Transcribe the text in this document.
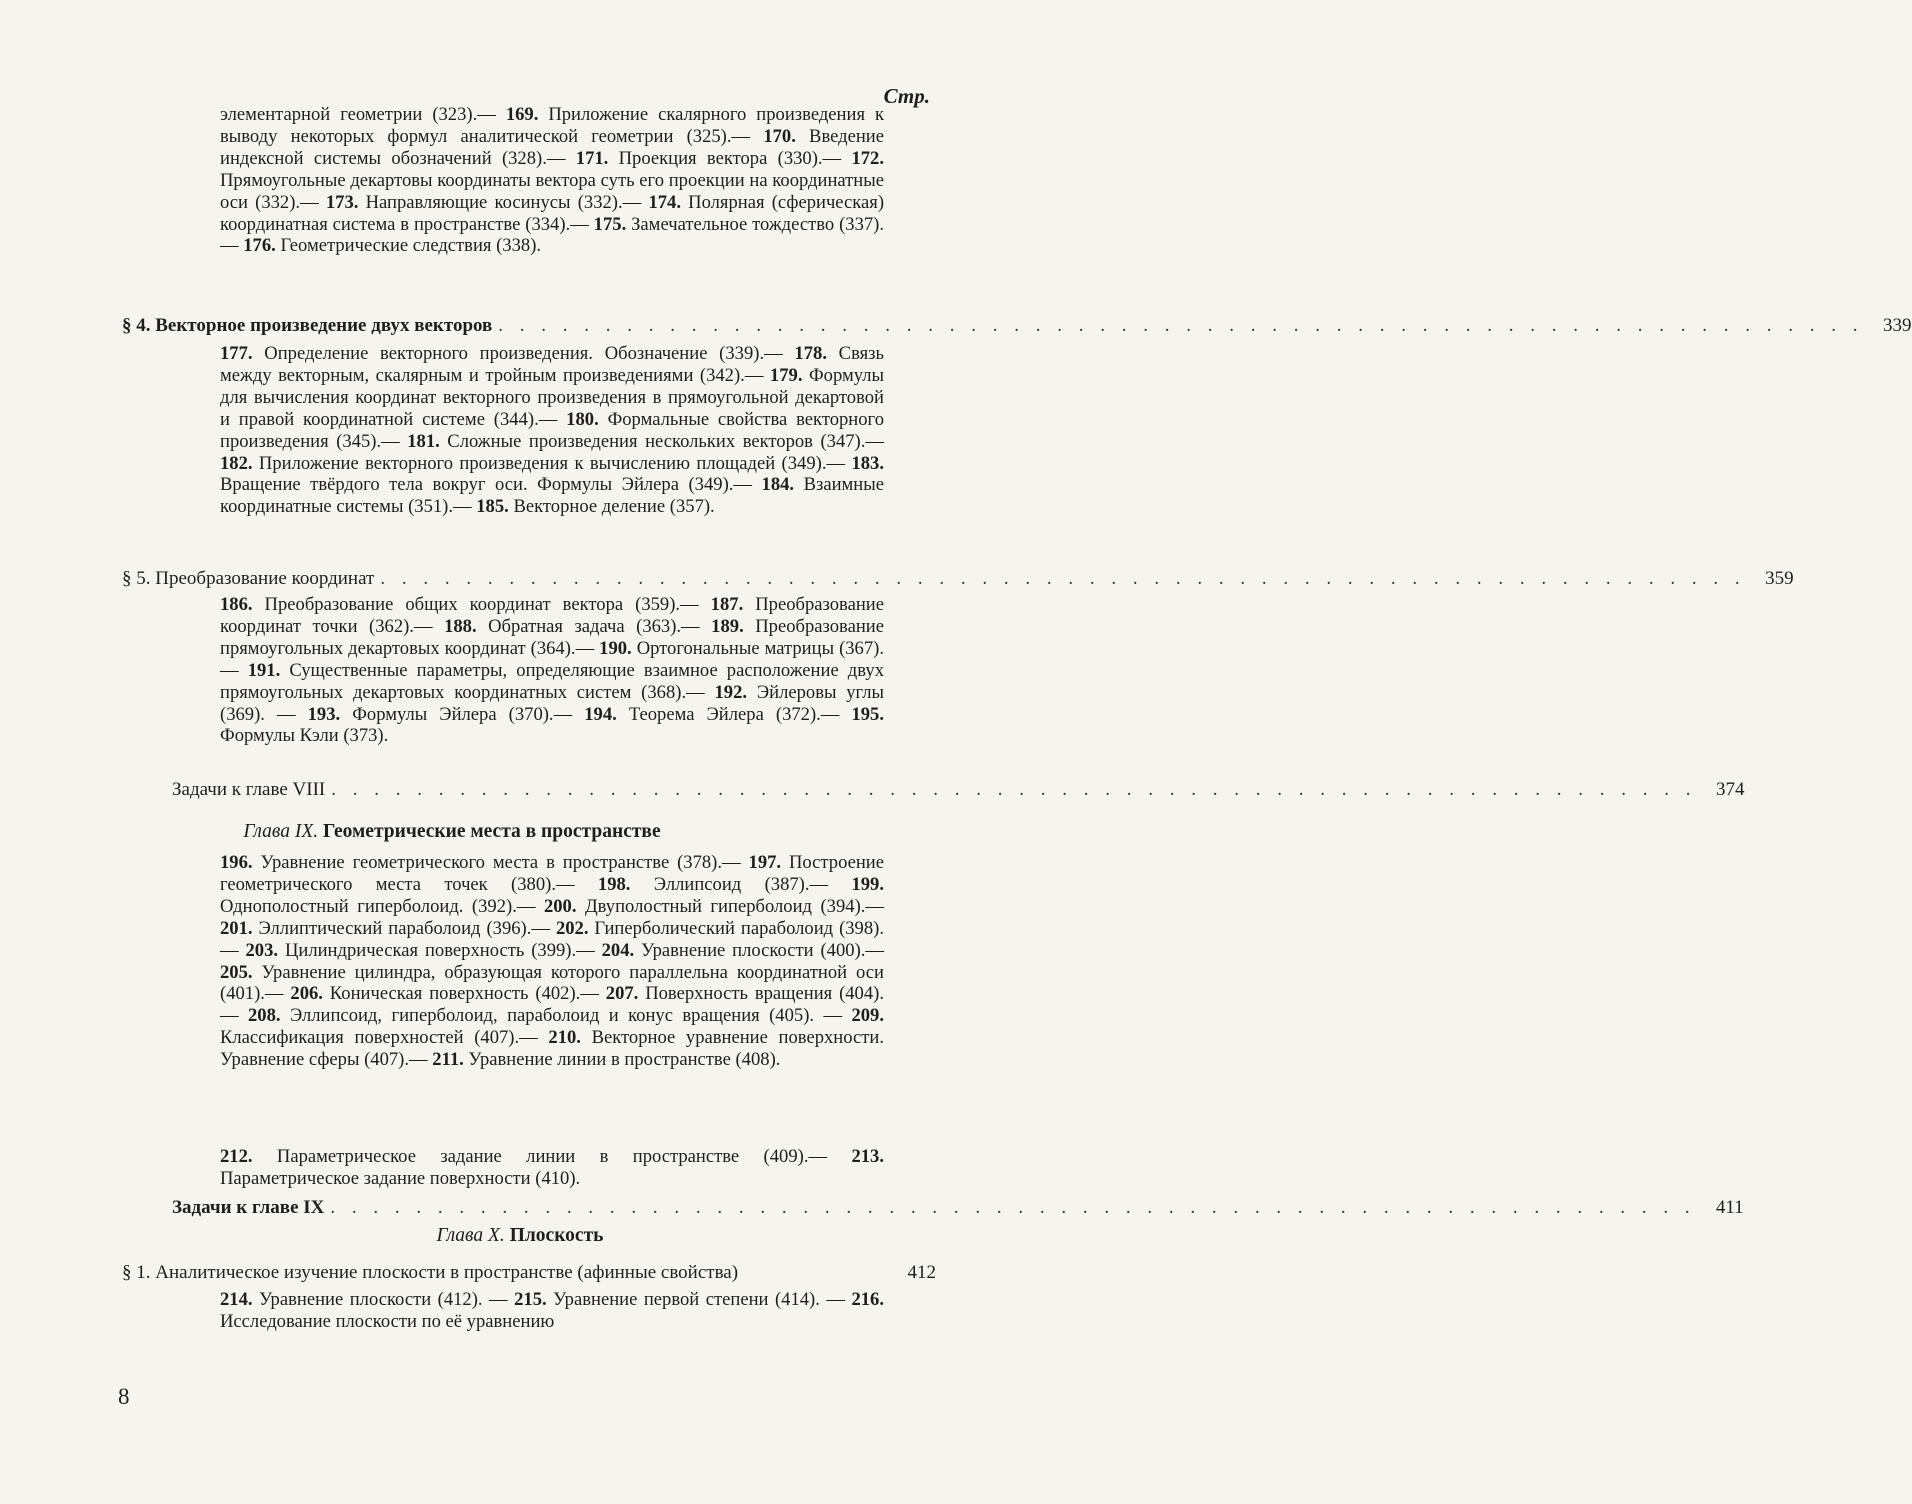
Стр.
элементарной геометрии (323).— 169. Приложение скалярного произведения к выводу некоторых формул аналитической геометрии (325).— 170. Введение индексной системы обозначений (328).— 171. Проекция вектора (330).— 172. Прямоугольные декартовы координаты вектора суть его проекции на координатные оси (332).— 173. Направляющие косинусы (332).— 174. Полярная (сферическая) координатная система в пространстве (334).— 175. Замечательное тождество (337).— 176. Геометрические следствия (338).
§ 4. Векторное произведение двух векторов . . . . . . . . . . . . . . . . . . . . . . . . . . . . . . . . . . . . . . . . . . . . . . . . . . . . . . . . . . . . . . . .	339
177. Определение векторного произведения. Обозначение (339).— 178. Связь между векторным, скалярным и тройным произведениями (342).— 179. Формулы для вычисления координат векторного произведения в прямоугольной декартовой и правой координатной системе (344).— 180. Формальные свойства векторного произведения (345).— 181. Сложные произведения нескольких векторов (347).— 182. Приложение векторного произведения к вычислению площадей (349).— 183. Вращение твёрдого тела вокруг оси. Формулы Эйлера (349).— 184. Взаимные координатные системы (351).— 185. Векторное деление (357).
§ 5. Преобразование координат . . . . . . . . . . . . . . . . . . . . . . . . . . . . . . . . . . . . . . . . . . . . . . . . . . . . . . . . . . . . . . . .	359
186. Преобразование общих координат вектора (359).— 187. Преобразование координат точки (362).— 188. Обратная задача (363).— 189. Преобразование прямоугольных декартовых координат (364).— 190. Ортогональные матрицы (367).— 191. Существенные параметры, определяющие взаимное расположение двух прямоугольных декартовых координатных систем (368).— 192. Эйлеровы углы (369). — 193. Формулы Эйлера (370).— 194. Теорема Эйлера (372).— 195. Формулы Кэли (373).
Задачи к главе VIII . . . . . . . . . . . . . . . . . . . . . . . . . . . . . . . . . . . . . . . . . . . . . . . . . . . . . . . . . . . . . . . .	374
Глава IX. Геометрические места в пространстве
196. Уравнение геометрического места в пространстве (378).— 197. Построение геометрического места точек (380).— 198. Эллипсоид (387).— 199. Однополостный гиперболоид. (392).— 200. Двуполостный гиперболоид (394).— 201. Эллиптический параболоид (396).— 202. Гиперболический параболоид (398).— 203. Цилиндрическая поверхность (399).— 204. Уравнение плоскости (400).— 205. Уравнение цилиндра, образующая которого параллельна координатной оси (401).— 206. Коническая поверхность (402).— 207. Поверхность вращения (404).— 208. Эллипсоид, гиперболоид, параболоид и конус вращения (405). — 209. Классификация поверхностей (407).— 210. Векторное уравнение поверхности. Уравнение сферы (407).— 211. Уравнение линии в пространстве (408).
212. Параметрическое задание линии в пространстве (409).— 213. Параметрическое задание поверхности (410).
Задачи к главе IX . . . . . . . . . . . . . . . . . . . . . . . . . . . . . . . . . . . . . . . . . . . . . . . . . . . . . . . . . . . . . . . .	411
Глава X. Плоскость
§ 1. Аналитическое изучение плоскости в пространстве (афинные свойства)	412
214. Уравнение плоскости (412). — 215. Уравнение первой степени (414). — 216. Исследование плоскости по её уравнению
8
